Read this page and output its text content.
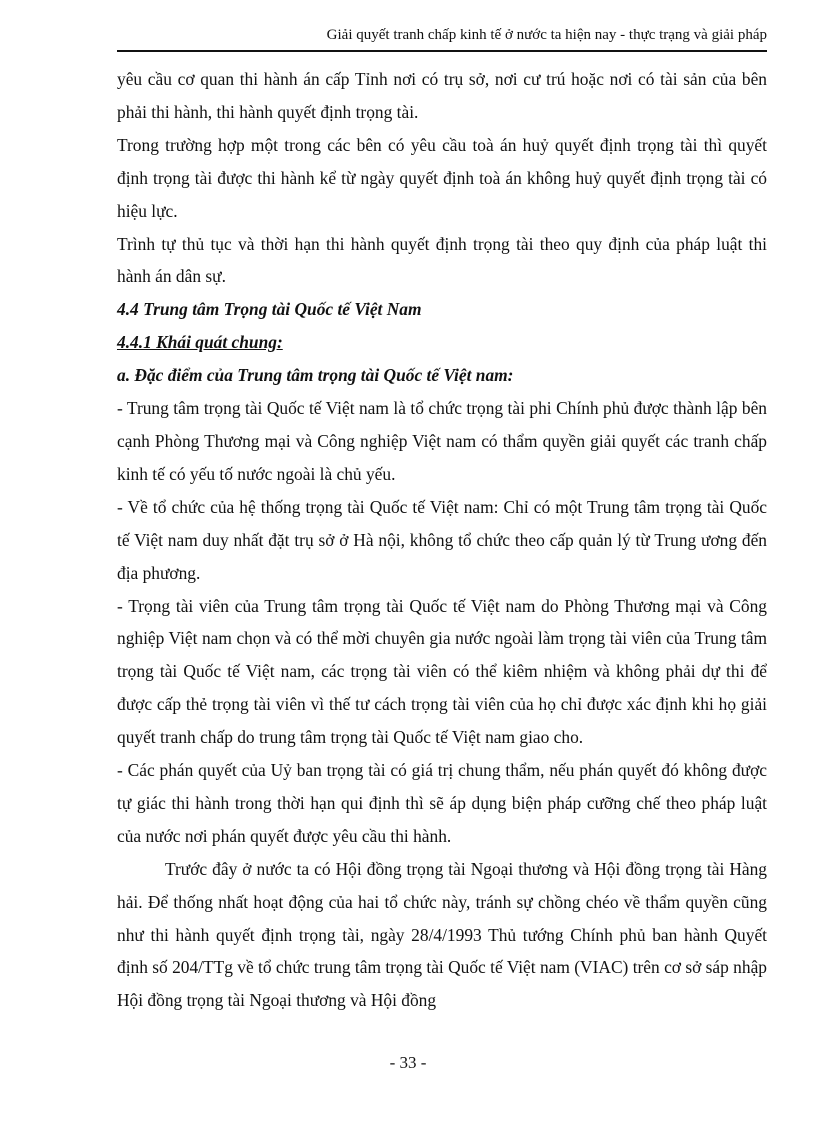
Giải quyết tranh chấp kinh tế ở nước ta hiện nay - thực trạng và giải pháp

yêu cầu cơ quan thi hành án cấp Tỉnh nơi có trụ sở, nơi cư trú hoặc nơi có tài sản của bên phải thi hành, thi hành quyết định trọng tài.

Trong trường hợp một trong các bên có yêu cầu toà án huỷ quyết định trọng tài thì quyết định trọng tài được thi hành kể từ ngày quyết định toà án không huỷ quyết định trọng tài có hiệu lực.

Trình tự thủ tục và thời hạn thi hành quyết định trọng tài theo quy định của pháp luật thi hành án dân sự.

4.4 Trung tâm Trọng tài Quốc tế Việt Nam

4.4.1 Khái quát chung:

a. Đặc điểm của Trung tâm trọng tài Quốc tế Việt nam:

- Trung tâm trọng tài Quốc tế Việt nam là tổ chức trọng tài phi Chính phủ được thành lập bên cạnh Phòng Thương mại và Công nghiệp Việt nam có thẩm quyền giải quyết các tranh chấp kinh tế có yếu tố nước ngoài là chủ yếu.

- Về tổ chức của hệ thống trọng tài Quốc tế Việt nam: Chỉ có một Trung tâm trọng tài Quốc tế Việt nam duy nhất đặt trụ sở ở Hà nội, không tổ chức theo cấp quản lý từ Trung ương đến địa phương.

- Trọng tài viên của Trung tâm trọng tài Quốc tế Việt nam do Phòng Thương mại và Công nghiệp Việt nam chọn và có thể mời chuyên gia nước ngoài làm trọng tài viên của Trung tâm trọng tài Quốc tế Việt nam, các trọng tài viên có thể kiêm nhiệm và không phải dự thi để được cấp thẻ trọng tài viên vì thế tư cách trọng tài viên của họ chỉ được xác định khi họ giải quyết tranh chấp do trung tâm trọng tài Quốc tế Việt nam giao cho.

- Các phán quyết của Uỷ ban trọng tài có giá trị chung thẩm, nếu phán quyết đó không được tự giác thi hành trong thời hạn qui định thì sẽ áp dụng biện pháp cưỡng chế theo pháp luật của nước nơi phán quyết được yêu cầu thi hành.

Trước đây ở nước ta có Hội đồng trọng tài Ngoại thương và Hội đồng trọng tài Hàng hải. Để thống nhất hoạt động của hai tổ chức này, tránh sự chồng chéo về thẩm quyền cũng như thi hành quyết định trọng tài, ngày 28/4/1993 Thủ tướng Chính phủ ban hành Quyết định số 204/TTg về tổ chức trung tâm trọng tài Quốc tế Việt nam (VIAC) trên cơ sở sáp nhập Hội đồng trọng tài Ngoại thương và Hội đồng

- 33 -
